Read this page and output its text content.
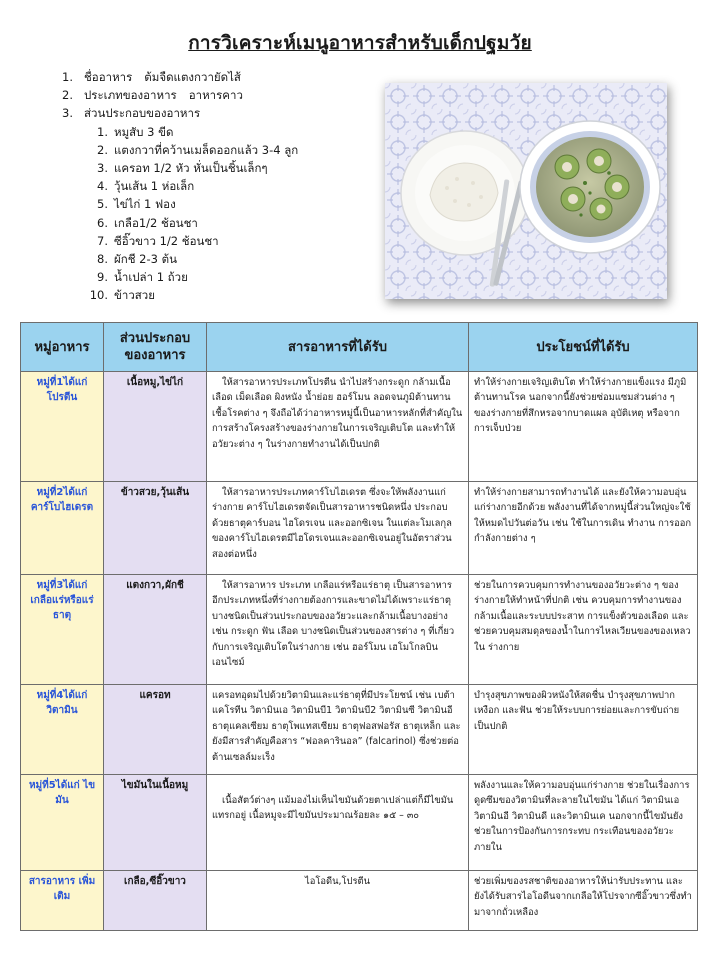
การวิเคราะห์เมนูอาหารสำหรับเด็กปฐมวัย
1. ชื่ออาหาร ต้มจืดแตงกวายัดไส้
2. ประเภทของอาหาร อาหารคาว
3. ส่วนประกอบของอาหาร
1. หมูสับ 3 ขีด
2. แตงกวาที่คว้านเมล็ดออกแล้ว 3-4 ลูก
3. แครอท 1/2 หัว หั่นเป็นชิ้นเล็กๆ
4. วุ้นเส้น 1 ห่อเล็ก
5. ไข่ไก่ 1 ฟอง
6. เกลือ1/2 ช้อนชา
7. ซีอิ๊วขาว 1/2 ช้อนชา
8. ผักชี 2-3 ต้น
9. น้ำเปล่า 1 ถ้วย
10. ข้าวสวย
หมู่อาหาร	ส่วนประกอบของอาหาร	สารอาหารที่ได้รับ	ประโยชน์ที่ได้รับ
หมู่ที่1ได้แก่ โปรตีน	เนื้อหมู,ไข่ไก่	ให้สารอาหารประเภทโปรตีน นำไปสร้างกระดูก กล้ามเนื้อ เลือด เม็ดเลือด ผิงหนัง น้ำย่อย ฮอร์โมน ลอดจนภูมิต้านทานเชื้อโรคต่าง ๆ จึงถือได้ว่าอาหารหมู่นี้เป็นอาหารหลักที่สำคัญในการสร้างโครงสร้างของร่างกายในการเจริญเติบโต และทำให้อวัยวะต่าง ๆ ในร่างกายทำงานได้เป็นปกติ	ทำให้ร่างกายเจริญเติบโต ทำให้ร่างกายแข็งแรง มีภูมิต้านทานโรค นอกจากนี้ยังช่วยซ่อมแซมส่วนต่าง ๆ ของร่างกายที่สึกหรอจากบาดแผล อุบัติเหตุ หรือจากการเจ็บป่วย
หมู่ที่2ได้แก่ คาร์โบไฮเดรต	ข้าวสวย,วุ้นเส้น	ให้สารอาหารประเภทคาร์โบไฮเดรต ซึ่งจะให้พลังงานแก่ร่างกาย คาร์โบไฮเดรตจัดเป็นสารอาหารชนิดหนึ่ง ประกอบด้วยธาตุคาร์บอน ไฮโดรเจน และออกซิเจน ในแต่ละโมเลกุลของคาร์โบไฮเดรตมีไฮโดรเจนและออกซิเจนอยู่ในอัตราส่วนสองต่อหนึ่ง	ทำให้ร่างกายสามารถทำงานได้ และยังให้ความอบอุ่นแก่ร่างกายอีกด้วย พลังงานที่ได้จากหมู่นี้ส่วนใหญ่จะใช้ให้หมดไปวันต่อวัน เช่น ใช้ในการเดิน ทำงาน การออกกำลังกายต่าง ๆ
หมู่ที่3ได้แก่ เกลือแร่หรือแร่ธาตุ	แตงกวา,ผักชี	ให้สารอาหาร ประเภท เกลือแร่หรือแร่ธาตุ เป็นสารอาหารอีกประเภทหนึ่งที่ร่างกายต้องการและขาดไม่ได้เพราะแร่ธาตุบางชนิดเป็นส่วนประกอบของอวัยวะและกล้ามเนื้อบางอย่าง เช่น กระดูก ฟัน เลือด บางชนิดเป็นส่วนของสารต่าง ๆ ที่เกี่ยวกับการเจริญเติบโตในร่างกาย เช่น ฮอร์โมน เฮโมโกลบิน เอนไซม์	ช่วยในการควบคุมการทำงานของอวัยวะต่าง ๆ ของร่างกายให้ทำหน้าที่ปกติ เช่น ควบคุมการทำงานของกล้ามเนื้อและระบบประสาท การแข็งตัวของเลือด และช่วยควบคุมสมดุลของน้ำในการไหลเวียนของของเหลวใน ร่างกาย
หมู่ที่4ได้แก่ วิตามิน	แครอท	แครอทอุดมไปด้วยวิตามินและแร่ธาตุที่มีประโยชน์ เช่น เบต้าแคโรทีน วิตามินเอ วิตามินบี1 วิตามินบี2 วิตามินซี วิตามินอี ธาตุแคลเซียม ธาตุโพแทสเซียม ธาตุฟอสฟอรัส ธาตุเหล็ก และยังมีสารสำคัญคือสาร “ฟอลคารินอล” (falcarinol) ซึ่งช่วยต่อต้านเซลล์มะเร็ง	บำรุงสุขภาพของผิวหนังให้สดชื่น บำรุงสุขภาพปาก เหงือก และฟัน ช่วยให้ระบบการย่อยและการขับถ่ายเป็นปกติ
หมู่ที่5ได้แก่ ไขมัน	ไขมันในเนื้อหมู	เนื้อสัตว์ต่างๆ แม้มองไม่เห็นไขมันด้วยตาเปล่าแต่ก็มีไขมันแทรกอยู่ เนื้อหมูจะมีไขมันประมาณร้อยละ ๑๕ – ๓๐	พลังงานและให้ความอบอุ่นแก่ร่างกาย ช่วยในเรื่องการดูดซึมของวิตามินที่ละลายในไขมัน ได้แก่ วิตามินเอ วิตามินอี วิตามินดี และวิตามินเค นอกจากนี้ไขมันยังช่วยในการป้องกันการกระทบ กระเทือนของอวัยวะภายใน
สารอาหาร เพิ่มเติม	เกลือ,ซีอิ๊วขาว	ไอโอดีน,โปรตีน	ช่วยเพิ่มของรสชาติของอาหารให้น่ารับประทาน และยังได้รับสารไอโอดีนจากเกลือให้โปรจากซีอิ๊วขาวซึ่งทำมาจากถั่วเหลือง
